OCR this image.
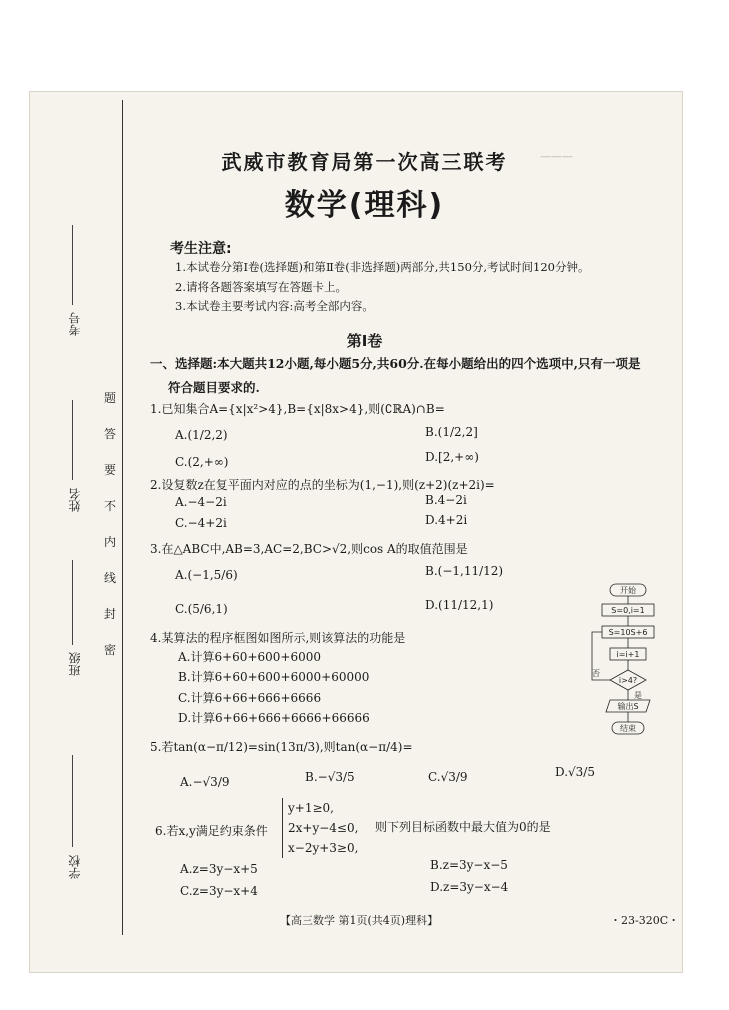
———
考号
姓名
班级
学校
题
答
要
不
内
线
封
密
武威市教育局第一次高三联考
数学(理科)
考生注意:
1.本试卷分第Ⅰ卷(选择题)和第Ⅱ卷(非选择题)两部分,共150分,考试时间120分钟。
2.请将各题答案填写在答题卡上。
3.本试卷主要考试内容:高考全部内容。
第Ⅰ卷
一、选择题:本大题共12小题,每小题5分,共60分.在每小题给出的四个选项中,只有一项是
符合题目要求的.
1.已知集合A={x|x²>4},B={x|8x>4},则(∁ℝA)∩B=
A.(1/2,2)	B.(1/2,2]
C.(2,+∞)	D.[2,+∞)
2.设复数z在复平面内对应的点的坐标为(1,−1),则(z+2)(z+2i)=
A.−4−2i	B.4−2i
C.−4+2i	D.4+2i
3.在△ABC中,AB=3,AC=2,BC>√2,则cos A的取值范围是
A.(−1,5/6)	B.(−1,11/12)
C.(5/6,1)	D.(11/12,1)
4.某算法的程序框图如图所示,则该算法的功能是
A.计算6+60+600+6000
B.计算6+60+600+6000+60000
C.计算6+66+666+6666
D.计算6+66+666+6666+66666
开始
S=0,i=1
S=10S+6
i=i+1
i>4?
否
是
输出S
结束
5.若tan(α−π/12)=sin(13π/3),则tan(α−π/4)=
A.−√3/9	B.−√3/5	C.√3/9	D.√3/5
6.若x,y满足约束条件
y+1≥0,
2x+y−4≤0,
x−2y+3≥0,
则下列目标函数中最大值为0的是
A.z=3y−x+5	B.z=3y−x−5
C.z=3y−x+4	D.z=3y−x−4
【高三数学 第1页(共4页)理科】	・23-320C・
